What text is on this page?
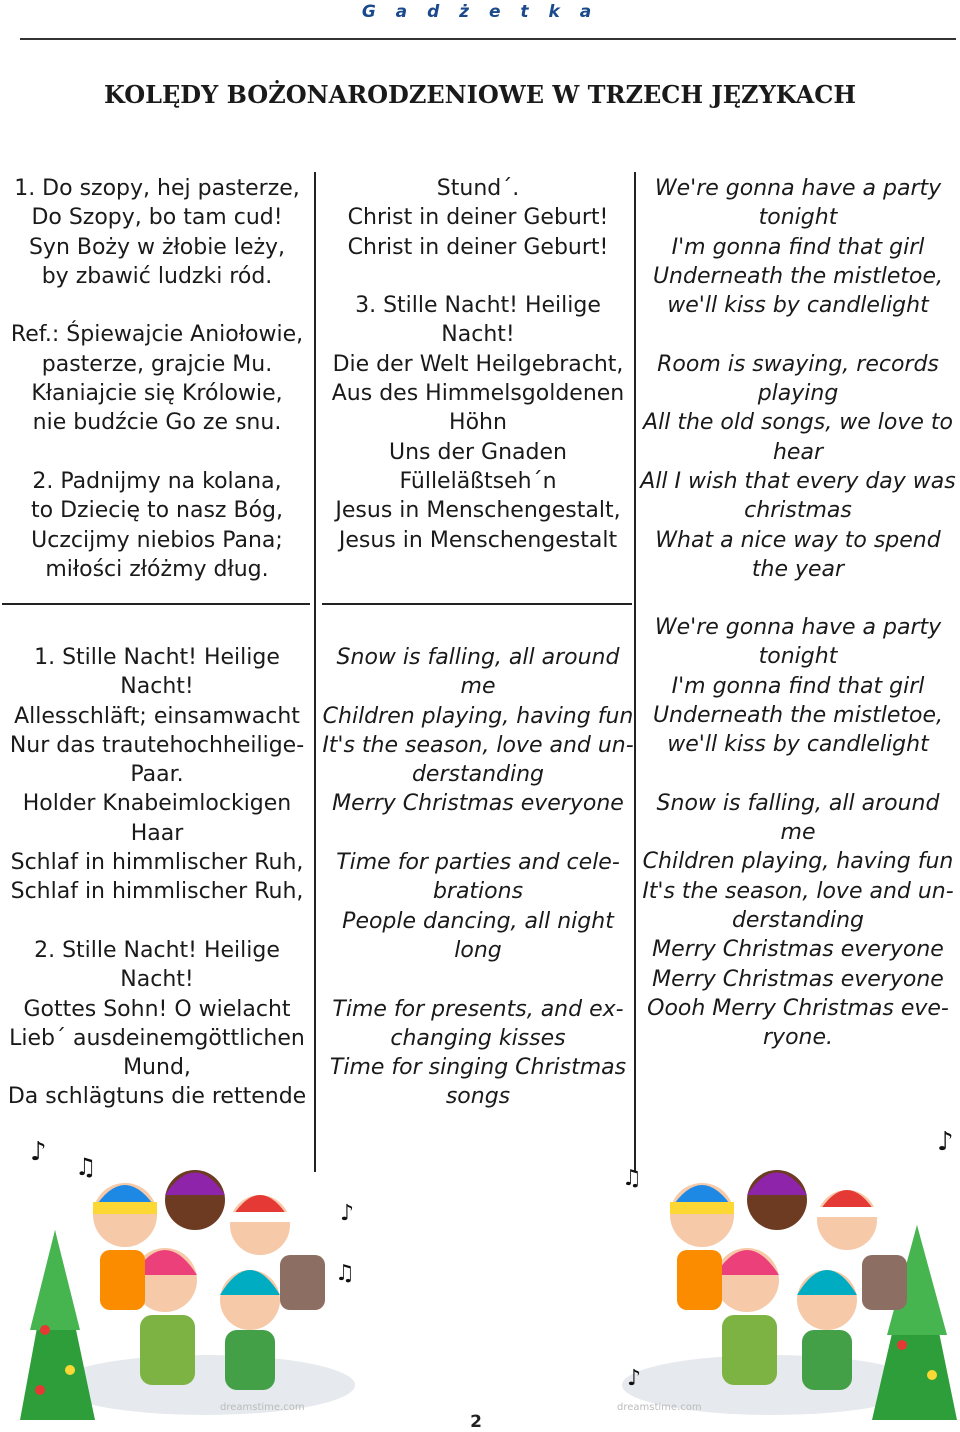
G a d ż e t k a
KOLĘDY BOŻONARODZENIOWE W TRZECH JĘZYKACH
1. Do szopy, hej pasterze,
Do Szopy, bo tam cud!
Syn Boży w żłobie leży,
by zbawić ludzki ród.
Ref.: Śpiewajcie Aniołowie,
pasterze, grajcie Mu.
Kłaniajcie się Królowie,
nie budźcie Go ze snu.
2. Padnijmy na kolana,
to Dziecię to nasz Bóg,
Uczcijmy niebios Pana;
miłości złóżmy dług.
1. Stille Nacht! Heilige
Nacht!
Allesschläft; einsamwacht
Nur das trautehochheilige-
Paar.
Holder Knabeimlockigen
Haar
Schlaf in himmlischer Ruh,
Schlaf in himmlischer Ruh,
2. Stille Nacht! Heilige
Nacht!
Gottes Sohn! O wielacht
Lieb´ ausdeinemgöttlichen
Mund,
Da schlägtuns die rettende
Stund´.
Christ in deiner Geburt!
Christ in deiner Geburt!
3. Stille Nacht! Heilige
Nacht!
Die der Welt Heilgebracht,
Aus des Himmelsgoldenen
Höhn
Uns der Gnaden
Fülleläßtseh´n
Jesus in Menschengestalt,
Jesus in Menschengestalt
Snow is falling, all around
me
Children playing, having fun
It's the season, love and un-
derstanding
Merry Christmas everyone
Time for parties and cele-
brations
People dancing, all night
long
Time for presents, and ex-
changing kisses
Time for singing Christmas
songs
We're gonna have a party
tonight
I'm gonna find that girl
Underneath the mistletoe,
we'll kiss by candlelight
Room is swaying, records
playing
All the old songs, we love to
hear
All I wish that every day was
christmas
What a nice way to spend
the year
We're gonna have a party
tonight
I'm gonna find that girl
Underneath the mistletoe,
we'll kiss by candlelight
Snow is falling, all around
me
Children playing, having fun
It's the season, love and un-
derstanding
Merry Christmas everyone
Merry Christmas everyone
Oooh Merry Christmas eve-
ryone.
♪ ♫
♪
♫
dreamstime.com
♪
♫
♪
dreamstime.com
2
